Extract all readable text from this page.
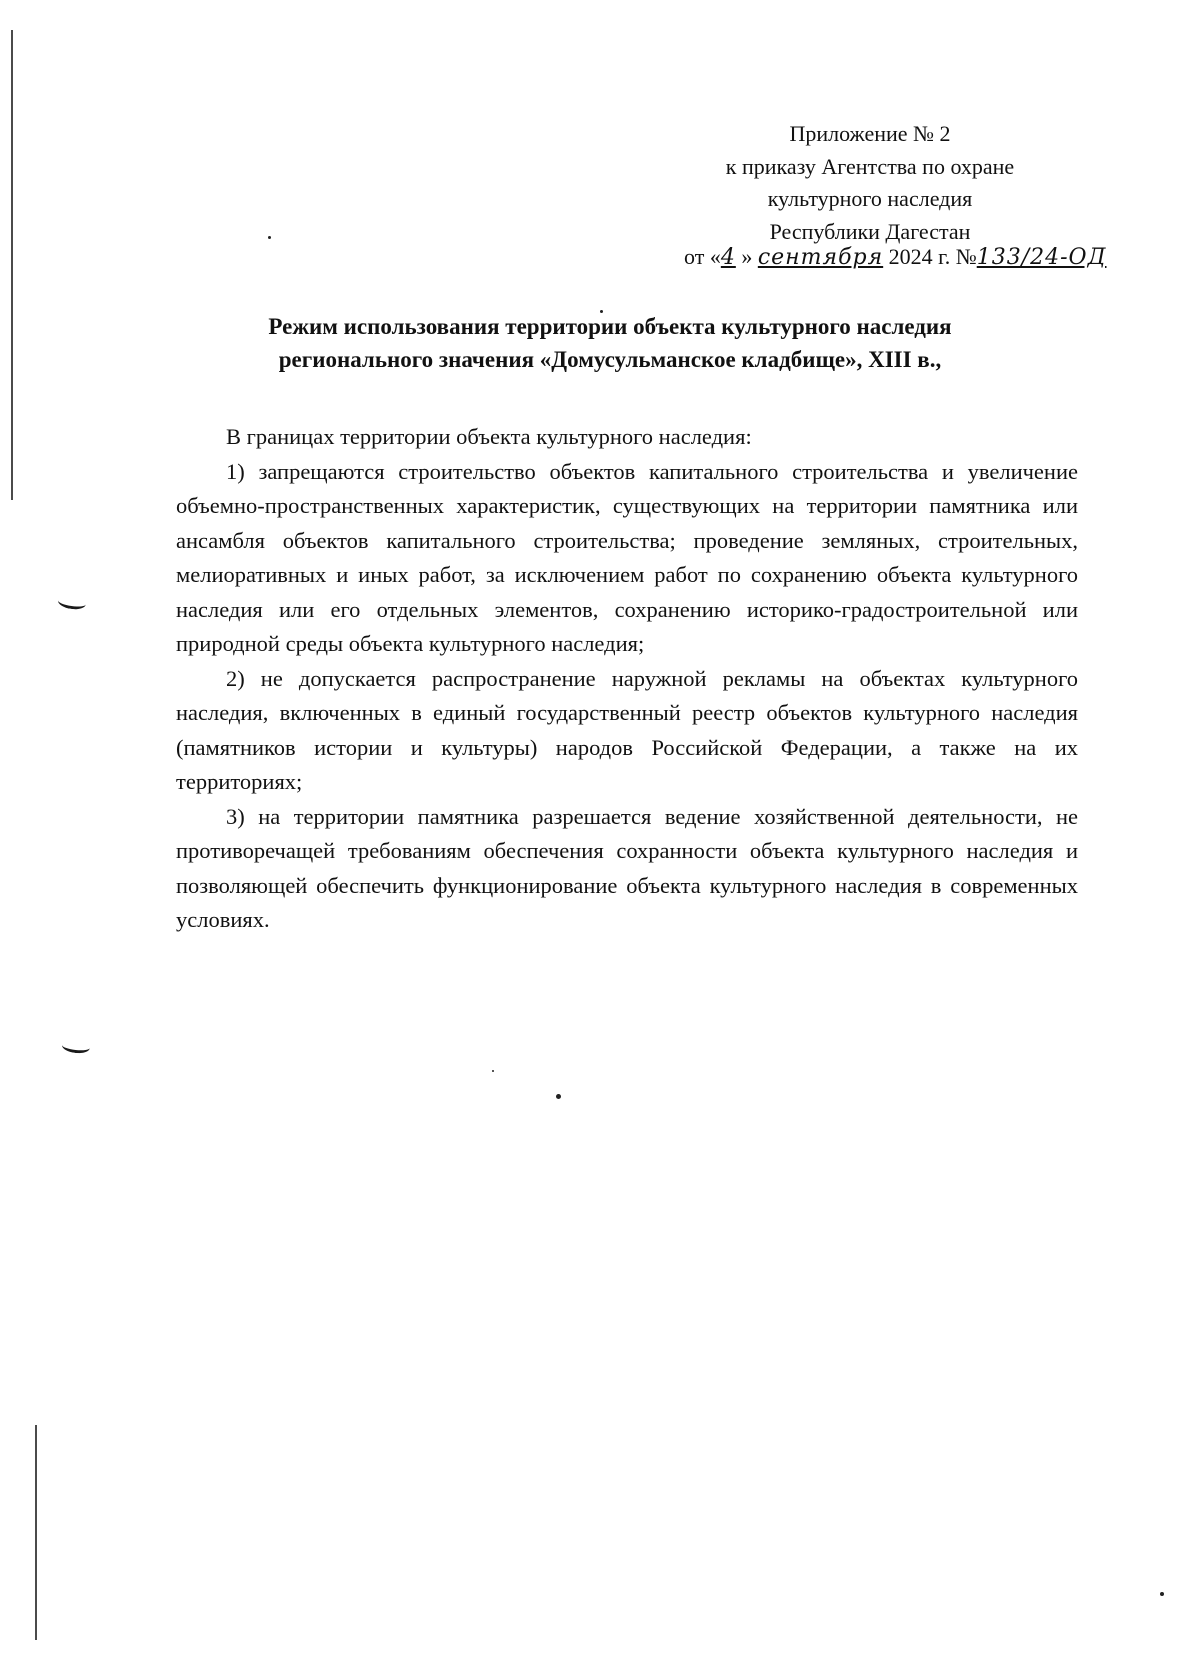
Приложение № 2
к приказу Агентства по охране
культурного наследия
Республики Дагестан
от «4 » сентября 2024 г. №133/24-ОД
Режим использования территории объекта культурного наследия
регионального значения «Домусульманское кладбище», XIII в.,

В границах территории объекта культурного наследия:

1) запрещаются строительство объектов капитального строительства и увеличение объемно-пространственных характеристик, существующих на территории памятника или ансамбля объектов капитального строительства; проведение земляных, строительных, мелиоративных и иных работ, за исключением работ по сохранению объекта культурного наследия или его отдельных элементов, сохранению историко-градостроительной или природной среды объекта культурного наследия;

2) не допускается распространение наружной рекламы на объектах культурного наследия, включенных в единый государственный реестр объектов культурного наследия (памятников истории и культуры) народов Российской Федерации, а также на их территориях;

3) на территории памятника разрешается ведение хозяйственной деятельности, не противоречащей требованиям обеспечения сохранности объекта культурного наследия и позволяющей обеспечить функционирование объекта культурного наследия в современных условиях.
